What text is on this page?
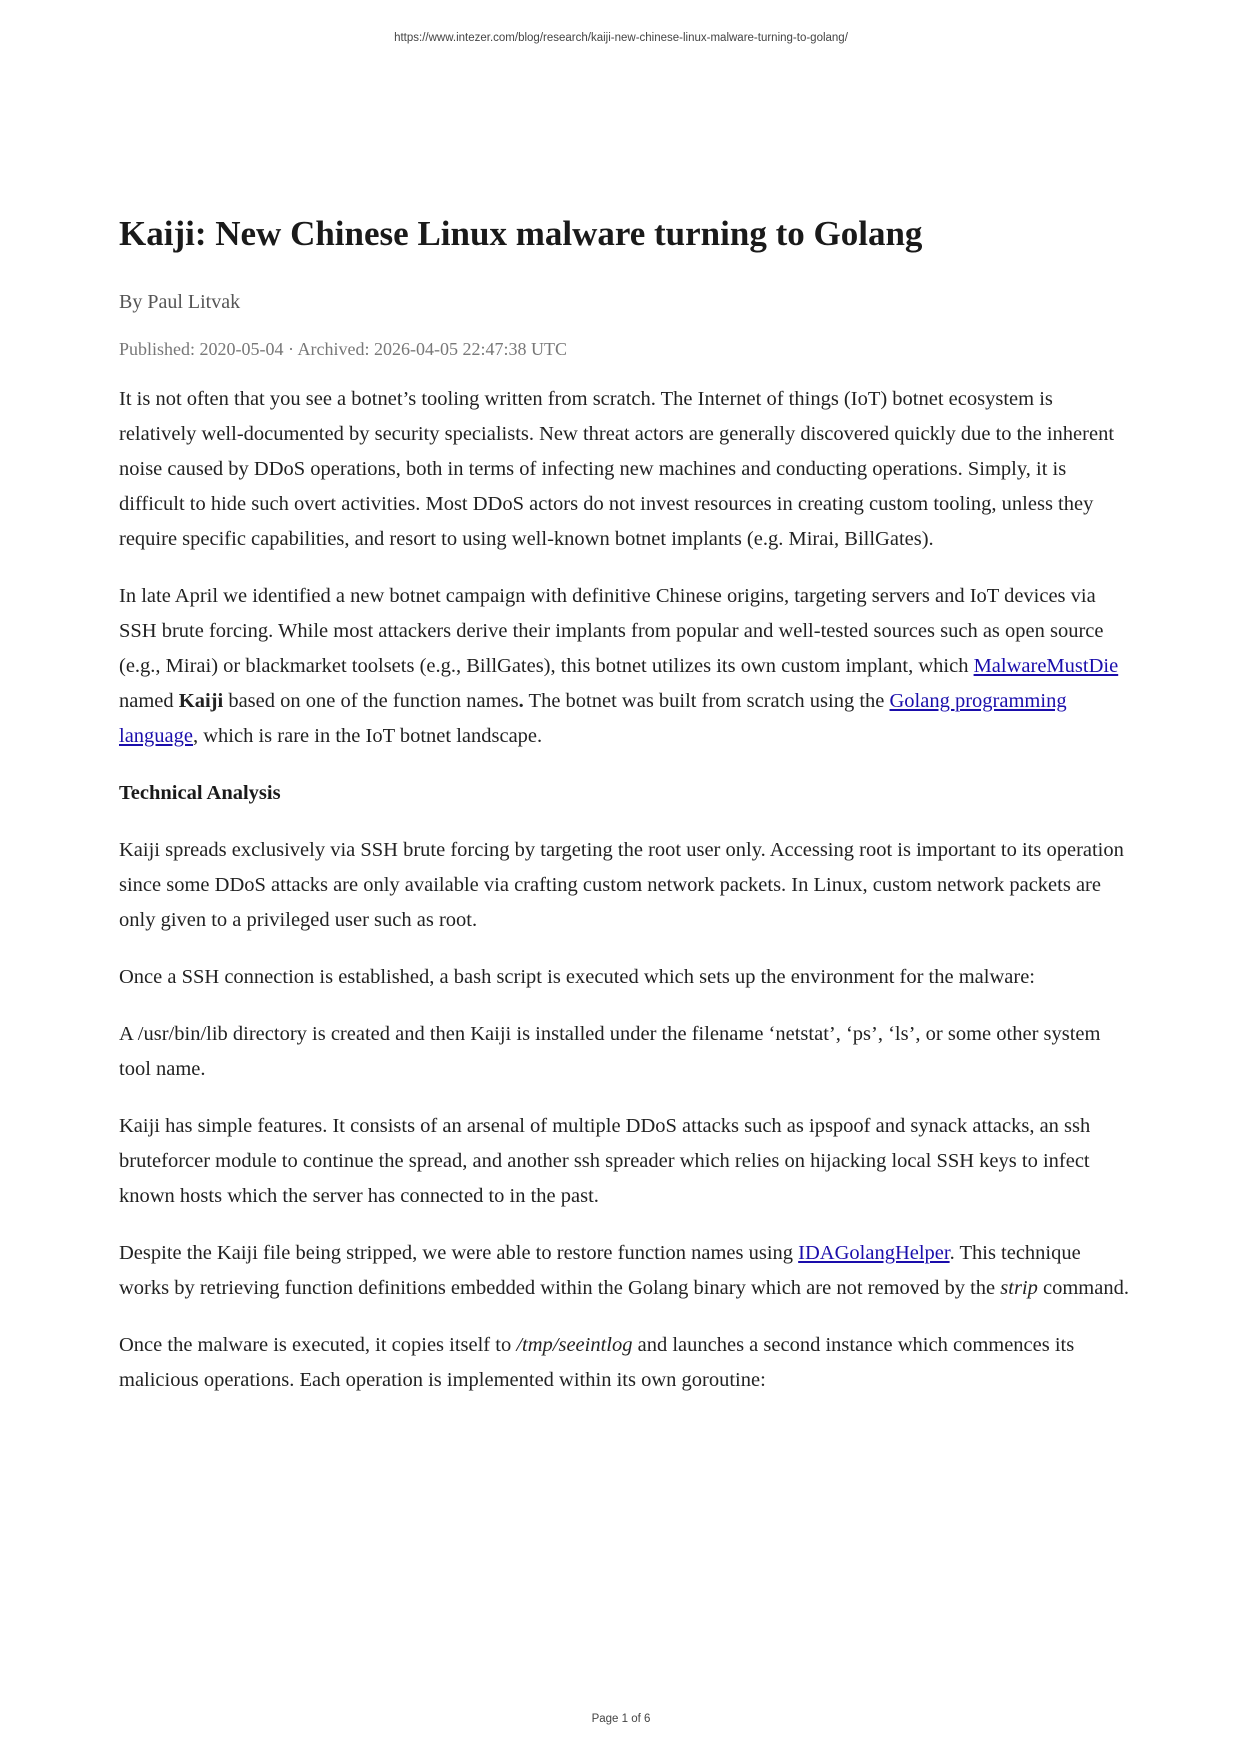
https://www.intezer.com/blog/research/kaiji-new-chinese-linux-malware-turning-to-golang/
Kaiji: New Chinese Linux malware turning to Golang
By Paul Litvak
Published: 2020-05-04 · Archived: 2026-04-05 22:47:38 UTC

It is not often that you see a botnet’s tooling written from scratch. The Internet of things (IoT) botnet ecosystem is relatively well-documented by security specialists. New threat actors are generally discovered quickly due to the inherent noise caused by DDoS operations, both in terms of infecting new machines and conducting operations. Simply, it is difficult to hide such overt activities. Most DDoS actors do not invest resources in creating custom tooling, unless they require specific capabilities, and resort to using well-known botnet implants (e.g. Mirai, BillGates).

In late April we identified a new botnet campaign with definitive Chinese origins, targeting servers and IoT devices via SSH brute forcing. While most attackers derive their implants from popular and well-tested sources such as open source (e.g., Mirai) or blackmarket toolsets (e.g., BillGates), this botnet utilizes its own custom implant, which MalwareMustDie named Kaiji based on one of the function names. The botnet was built from scratch using the Golang programming language, which is rare in the IoT botnet landscape.

Technical Analysis

Kaiji spreads exclusively via SSH brute forcing by targeting the root user only. Accessing root is important to its operation since some DDoS attacks are only available via crafting custom network packets. In Linux, custom network packets are only given to a privileged user such as root.

Once a SSH connection is established, a bash script is executed which sets up the environment for the malware:

A /usr/bin/lib directory is created and then Kaiji is installed under the filename ‘netstat’, ‘ps’, ‘ls’, or some other system tool name.

Kaiji has simple features. It consists of an arsenal of multiple DDoS attacks such as ipspoof and synack attacks, an ssh bruteforcer module to continue the spread, and another ssh spreader which relies on hijacking local SSH keys to infect known hosts which the server has connected to in the past.

Despite the Kaiji file being stripped, we were able to restore function names using IDAGolangHelper. This technique works by retrieving function definitions embedded within the Golang binary which are not removed by the strip command.

Once the malware is executed, it copies itself to /tmp/seeintlog and launches a second instance which commences its malicious operations. Each operation is implemented within its own goroutine:

Page 1 of 6
